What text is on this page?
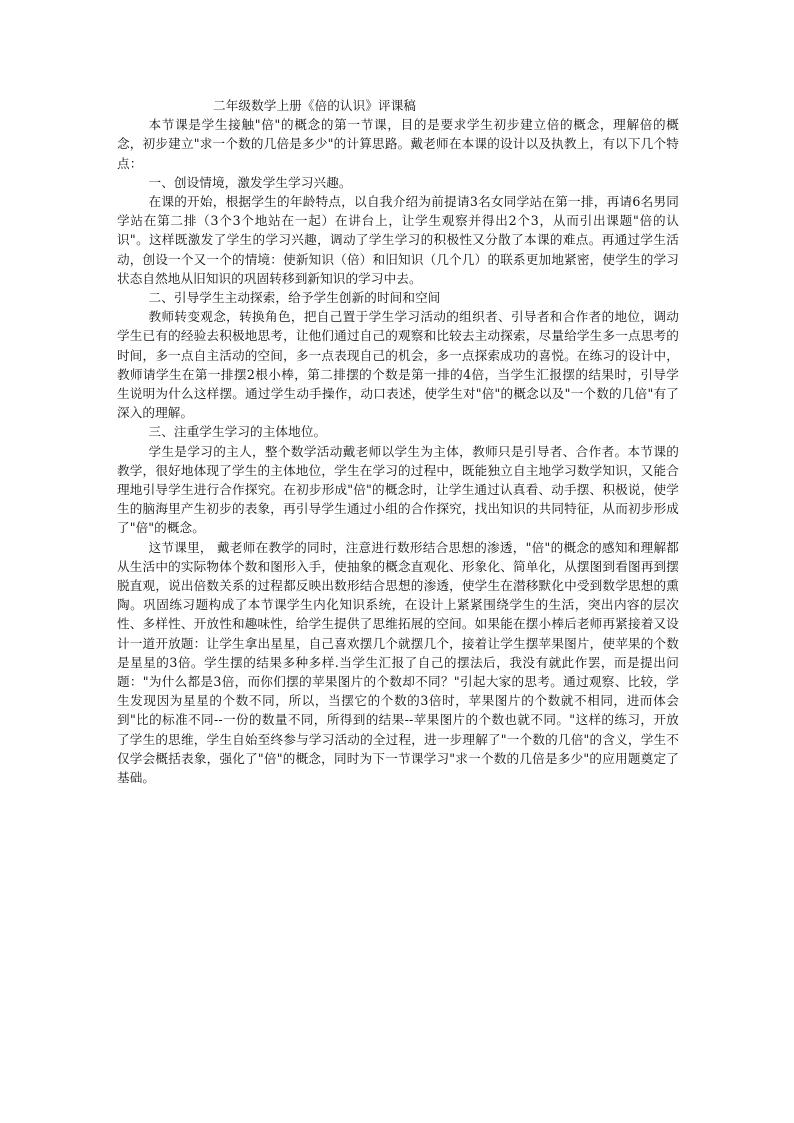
二年级数学上册《倍的认识》评课稿

本节课是学生接触"倍"的概念的第一节课，目的是要求学生初步建立倍的概念，理解倍的概念，初步建立"求一个数的几倍是多少"的计算思路。戴老师在本课的设计以及执教上，有以下几个特点：

一、创设情境，激发学生学习兴趣。

在课的开始，根据学生的年龄特点，以自我介绍为前提请3名女同学站在第一排，再请6名男同学站在第二排（3个3个地站在一起）在讲台上，让学生观察并得出2个3，从而引出课题"倍的认识"。这样既激发了学生的学习兴趣，调动了学生学习的积极性又分散了本课的难点。再通过学生活动，创设一个又一个的情境：使新知识（倍）和旧知识（几个几）的联系更加地紧密，使学生的学习状态自然地从旧知识的巩固转移到新知识的学习中去。

二、引导学生主动探索，给予学生创新的时间和空间

教师转变观念，转换角色，把自己置于学生学习活动的组织者、引导者和合作者的地位，调动学生已有的经验去积极地思考，让他们通过自己的观察和比较去主动探索，尽量给学生多一点思考的时间，多一点自主活动的空间，多一点表现自己的机会，多一点探索成功的喜悦。在练习的设计中，教师请学生在第一排摆2根小棒，第二排摆的个数是第一排的4倍，当学生汇报摆的结果时，引导学生说明为什么这样摆。通过学生动手操作，动口表述，使学生对"倍"的概念以及"一个数的几倍"有了深入的理解。

三、注重学生学习的主体地位。

学生是学习的主人，整个数学活动戴老师以学生为主体，教师只是引导者、合作者。本节课的教学，很好地体现了学生的主体地位，学生在学习的过程中，既能独立自主地学习数学知识，又能合理地引导学生进行合作探究。在初步形成"倍"的概念时，让学生通过认真看、动手摆、积极说，使学生的脑海里产生初步的表象，再引导学生通过小组的合作探究，找出知识的共同特征，从而初步形成了"倍"的概念。

这节课里， 戴老师在教学的同时，注意进行数形结合思想的渗透，"倍"的概念的感知和理解都从生活中的实际物体个数和图形入手，使抽象的概念直观化、形象化、简单化，从摆图到看图再到摆脱直观，说出倍数关系的过程都反映出数形结合思想的渗透，使学生在潜移默化中受到数学思想的熏陶。巩固练习题构成了本节课学生内化知识系统，在设计上紧紧围绕学生的生活，突出内容的层次性、多样性、开放性和趣味性，给学生提供了思维拓展的空间。如果能在摆小棒后老师再紧接着又设计一道开放题：让学生拿出星星，自己喜欢摆几个就摆几个，接着让学生摆苹果图片，使苹果的个数是星星的3倍。学生摆的结果多种多样.当学生汇报了自己的摆法后，我没有就此作罢，而是提出问题："为什么都是3倍，而你们摆的苹果图片的个数却不同？"引起大家的思考。通过观察、比较，学生发现因为星星的个数不同，所以，当摆它的个数的3倍时，苹果图片的个数就不相同，进而体会到"比的标准不同--一份的数量不同，所得到的结果--苹果图片的个数也就不同。"这样的练习，开放了学生的思维，学生自始至终参与学习活动的全过程，进一步理解了"一个数的几倍"的含义，学生不仅学会概括表象，强化了"倍"的概念，同时为下一节课学习"求一个数的几倍是多少"的应用题奠定了基础。
